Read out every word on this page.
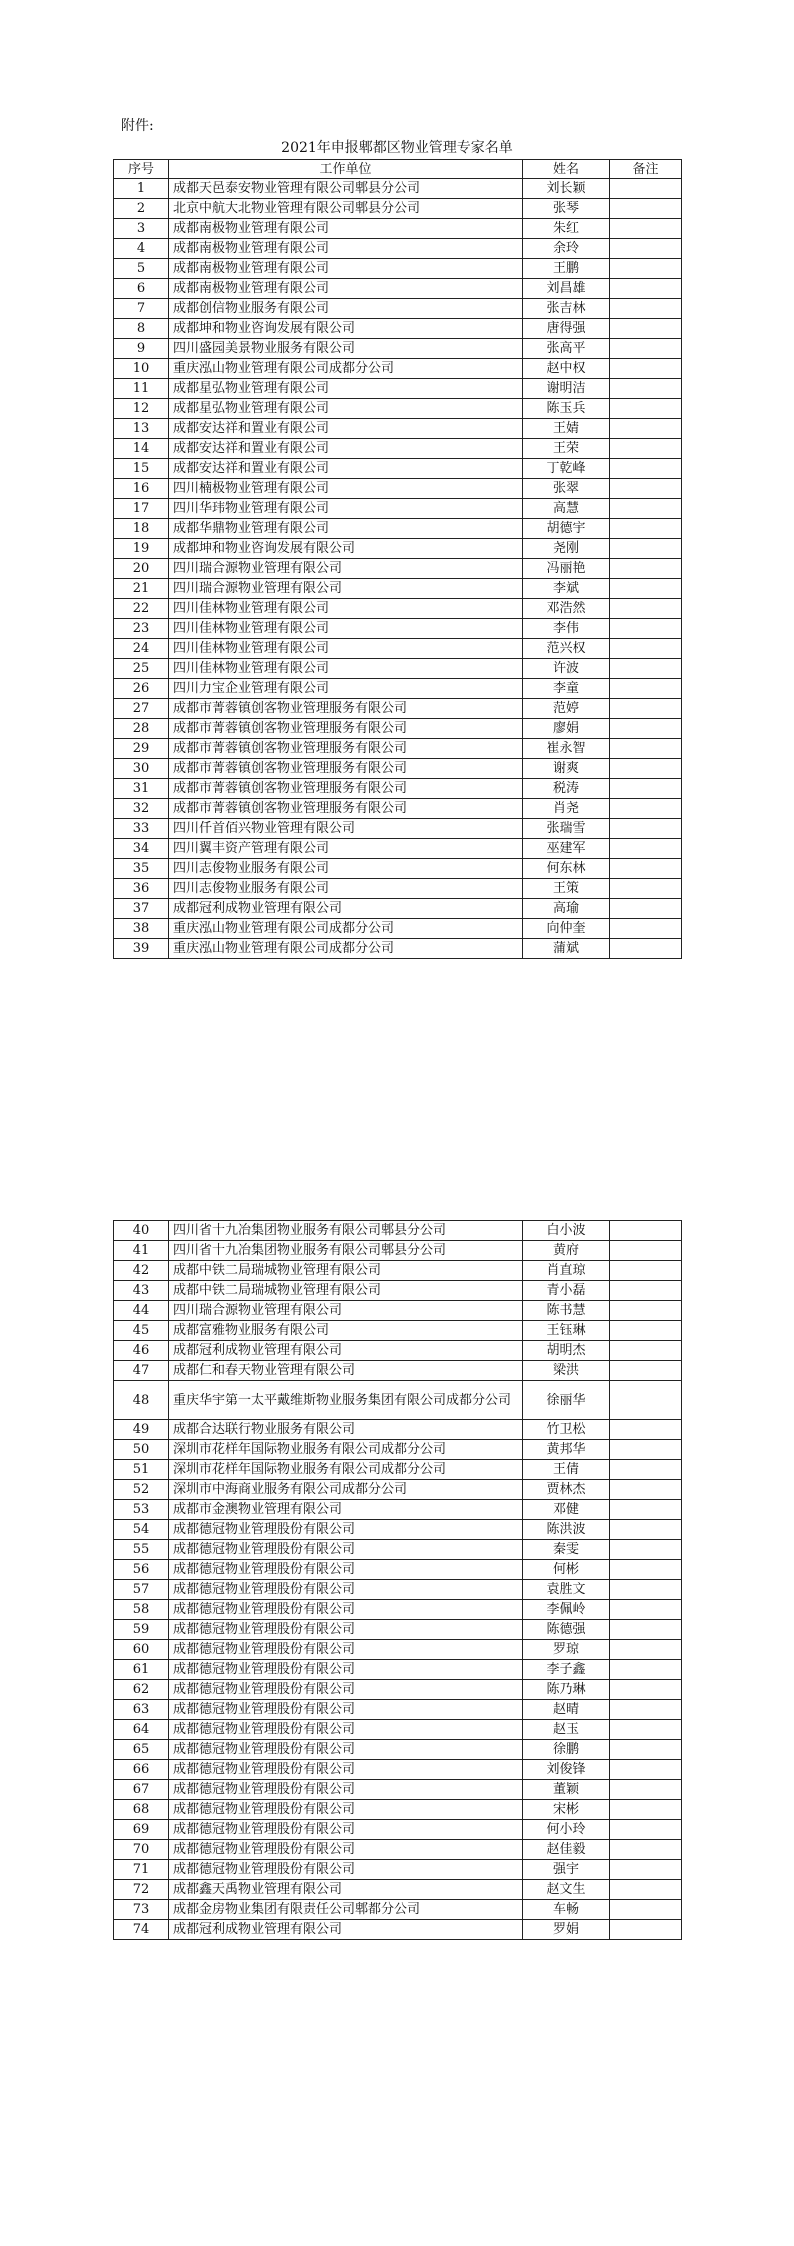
附件:
2021年申报郫都区物业管理专家名单
序号	工作单位	姓名	备注
1	成都天邑泰安物业管理有限公司郫县分公司	刘长颖	
2	北京中航大北物业管理有限公司郫县分公司	张琴	
3	成都南极物业管理有限公司	朱红	
4	成都南极物业管理有限公司	余玲	
5	成都南极物业管理有限公司	王鹏	
6	成都南极物业管理有限公司	刘昌雄	
7	成都创信物业服务有限公司	张吉林	
8	成都坤和物业咨询发展有限公司	唐得强	
9	四川盛园美景物业服务有限公司	张高平	
10	重庆泓山物业管理有限公司成都分公司	赵中权	
11	成都星弘物业管理有限公司	谢明洁	
12	成都星弘物业管理有限公司	陈玉兵	
13	成都安达祥和置业有限公司	王婧	
14	成都安达祥和置业有限公司	王荣	
15	成都安达祥和置业有限公司	丁乾峰	
16	四川楠极物业管理有限公司	张翠	
17	四川华玮物业管理有限公司	高慧	
18	成都华鼎物业管理有限公司	胡德宇	
19	成都坤和物业咨询发展有限公司	尧刚	
20	四川瑞合源物业管理有限公司	冯丽艳	
21	四川瑞合源物业管理有限公司	李斌	
22	四川佳林物业管理有限公司	邓浩然	
23	四川佳林物业管理有限公司	李伟	
24	四川佳林物业管理有限公司	范兴权	
25	四川佳林物业管理有限公司	许波	
26	四川力宝企业管理有限公司	李童	
27	成都市菁蓉镇创客物业管理服务有限公司	范婷	
28	成都市菁蓉镇创客物业管理服务有限公司	廖娟	
29	成都市菁蓉镇创客物业管理服务有限公司	崔永智	
30	成都市菁蓉镇创客物业管理服务有限公司	谢爽	
31	成都市菁蓉镇创客物业管理服务有限公司	税涛	
32	成都市菁蓉镇创客物业管理服务有限公司	肖尧	
33	四川仟首佰兴物业管理有限公司	张瑞雪	
34	四川翼丰资产管理有限公司	巫建军	
35	四川志俊物业服务有限公司	何东林	
36	四川志俊物业服务有限公司	王策	
37	成都冠利成物业管理有限公司	高瑜	
38	重庆泓山物业管理有限公司成都分公司	向仲奎	
39	重庆泓山物业管理有限公司成都分公司	蒲斌	
40	四川省十九冶集团物业服务有限公司郫县分公司	白小波	
41	四川省十九冶集团物业服务有限公司郫县分公司	黄府	
42	成都中铁二局瑞城物业管理有限公司	肖直琼	
43	成都中铁二局瑞城物业管理有限公司	青小磊	
44	四川瑞合源物业管理有限公司	陈书慧	
45	成都富雅物业服务有限公司	王钰琳	
46	成都冠利成物业管理有限公司	胡明杰	
47	成都仁和春天物业管理有限公司	梁洪	
48	重庆华宇第一太平戴维斯物业服务集团有限公司成都分公司	徐丽华	
49	成都合达联行物业服务有限公司	竹卫松	
50	深圳市花样年国际物业服务有限公司成都分公司	黄邦华	
51	深圳市花样年国际物业服务有限公司成都分公司	王倩	
52	深圳市中海商业服务有限公司成都分公司	贾林杰	
53	成都市金澳物业管理有限公司	邓健	
54	成都德冠物业管理股份有限公司	陈洪波	
55	成都德冠物业管理股份有限公司	秦雯	
56	成都德冠物业管理股份有限公司	何彬	
57	成都德冠物业管理股份有限公司	袁胜文	
58	成都德冠物业管理股份有限公司	李佩岭	
59	成都德冠物业管理股份有限公司	陈德强	
60	成都德冠物业管理股份有限公司	罗琼	
61	成都德冠物业管理股份有限公司	李子鑫	
62	成都德冠物业管理股份有限公司	陈乃琳	
63	成都德冠物业管理股份有限公司	赵晴	
64	成都德冠物业管理股份有限公司	赵玉	
65	成都德冠物业管理股份有限公司	徐鹏	
66	成都德冠物业管理股份有限公司	刘俊锋	
67	成都德冠物业管理股份有限公司	董颖	
68	成都德冠物业管理股份有限公司	宋彬	
69	成都德冠物业管理股份有限公司	何小玲	
70	成都德冠物业管理股份有限公司	赵佳毅	
71	成都德冠物业管理股份有限公司	强宇	
72	成都鑫天禹物业管理有限公司	赵文生	
73	成都金房物业集团有限责任公司郫都分公司	车畅	
74	成都冠利成物业管理有限公司	罗娟	
